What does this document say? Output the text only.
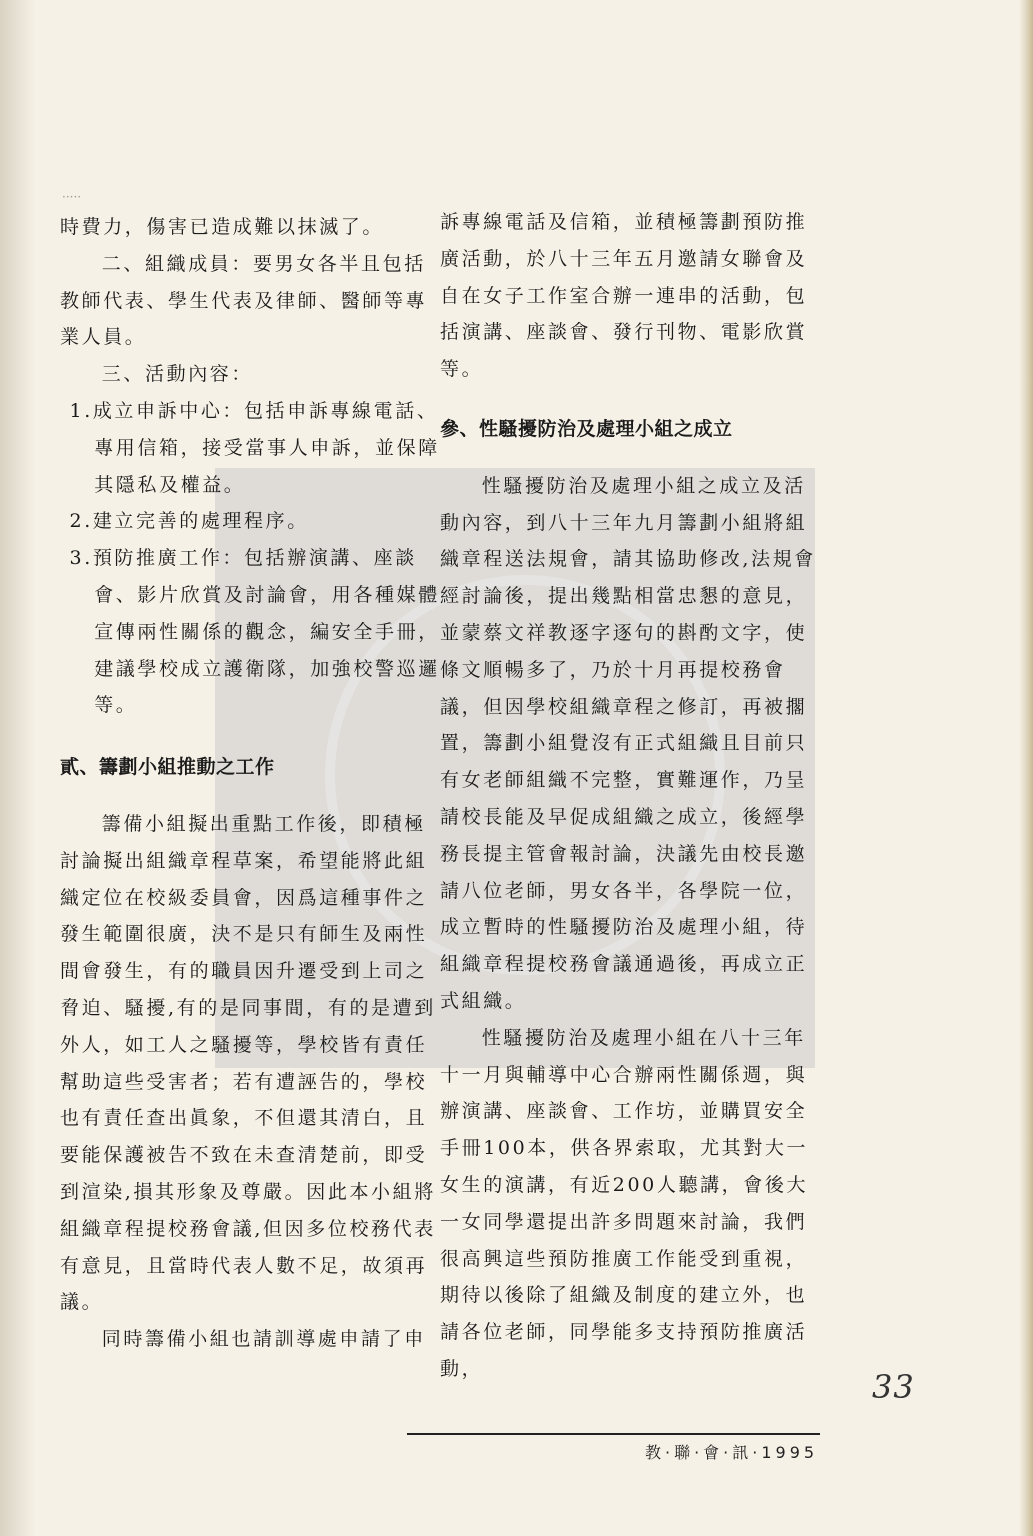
·····

時費力，傷害已造成難以抹滅了。

二、組織成員：要男女各半且包括教師代表、學生代表及律師、醫師等專業人員。

三、活動內容：

1.成立申訴中心：包括申訴專線電話、專用信箱，接受當事人申訴，並保障其隱私及權益。

2.建立完善的處理程序。

3.預防推廣工作：包括辦演講、座談會、影片欣賞及討論會，用各種媒體宣傳兩性關係的觀念，編安全手冊，建議學校成立護衛隊，加強校警巡邏等。

貳、籌劃小組推動之工作

籌備小組擬出重點工作後，即積極討論擬出組織章程草案，希望能將此組織定位在校級委員會，因爲這種事件之發生範圍很廣，決不是只有師生及兩性間會發生，有的職員因升遷受到上司之脅迫、騷擾,有的是同事間，有的是遭到外人，如工人之騷擾等，學校皆有責任幫助這些受害者；若有遭誣告的，學校也有責任查出眞象，不但還其清白，且要能保護被告不致在未查清楚前，即受到渲染,損其形象及尊嚴。因此本小組將組織章程提校務會議,但因多位校務代表有意見，且當時代表人數不足，故須再議。

同時籌備小組也請訓導處申請了申

訴專線電話及信箱，並積極籌劃預防推廣活動，於八十三年五月邀請女聯會及自在女子工作室合辦一連串的活動，包括演講、座談會、發行刊物、電影欣賞等。

參、性騷擾防治及處理小組之成立

性騷擾防治及處理小組之成立及活動內容，到八十三年九月籌劃小組將組織章程送法規會，請其協助修改,法規會經討論後，提出幾點相當忠懇的意見，並蒙蔡文祥教逐字逐句的斟酌文字，使條文順暢多了，乃於十月再提校務會議，但因學校組織章程之修訂，再被擱置，籌劃小組覺沒有正式組織且目前只有女老師組織不完整，實難運作，乃呈請校長能及早促成組織之成立，後經學務長提主管會報討論，決議先由校長邀請八位老師，男女各半，各學院一位，成立暫時的性騷擾防治及處理小組，待組織章程提校務會議通過後，再成立正式組織。

性騷擾防治及處理小組在八十三年十一月與輔導中心合辦兩性關係週，與辦演講、座談會、工作坊，並購買安全手冊100本，供各界索取，尤其對大一女生的演講，有近200人聽講，會後大一女同學還提出許多問題來討論，我們很高興這些預防推廣工作能受到重視，期待以後除了組織及制度的建立外，也請各位老師，同學能多支持預防推廣活動，	33
教·聯·會·訊·1995
